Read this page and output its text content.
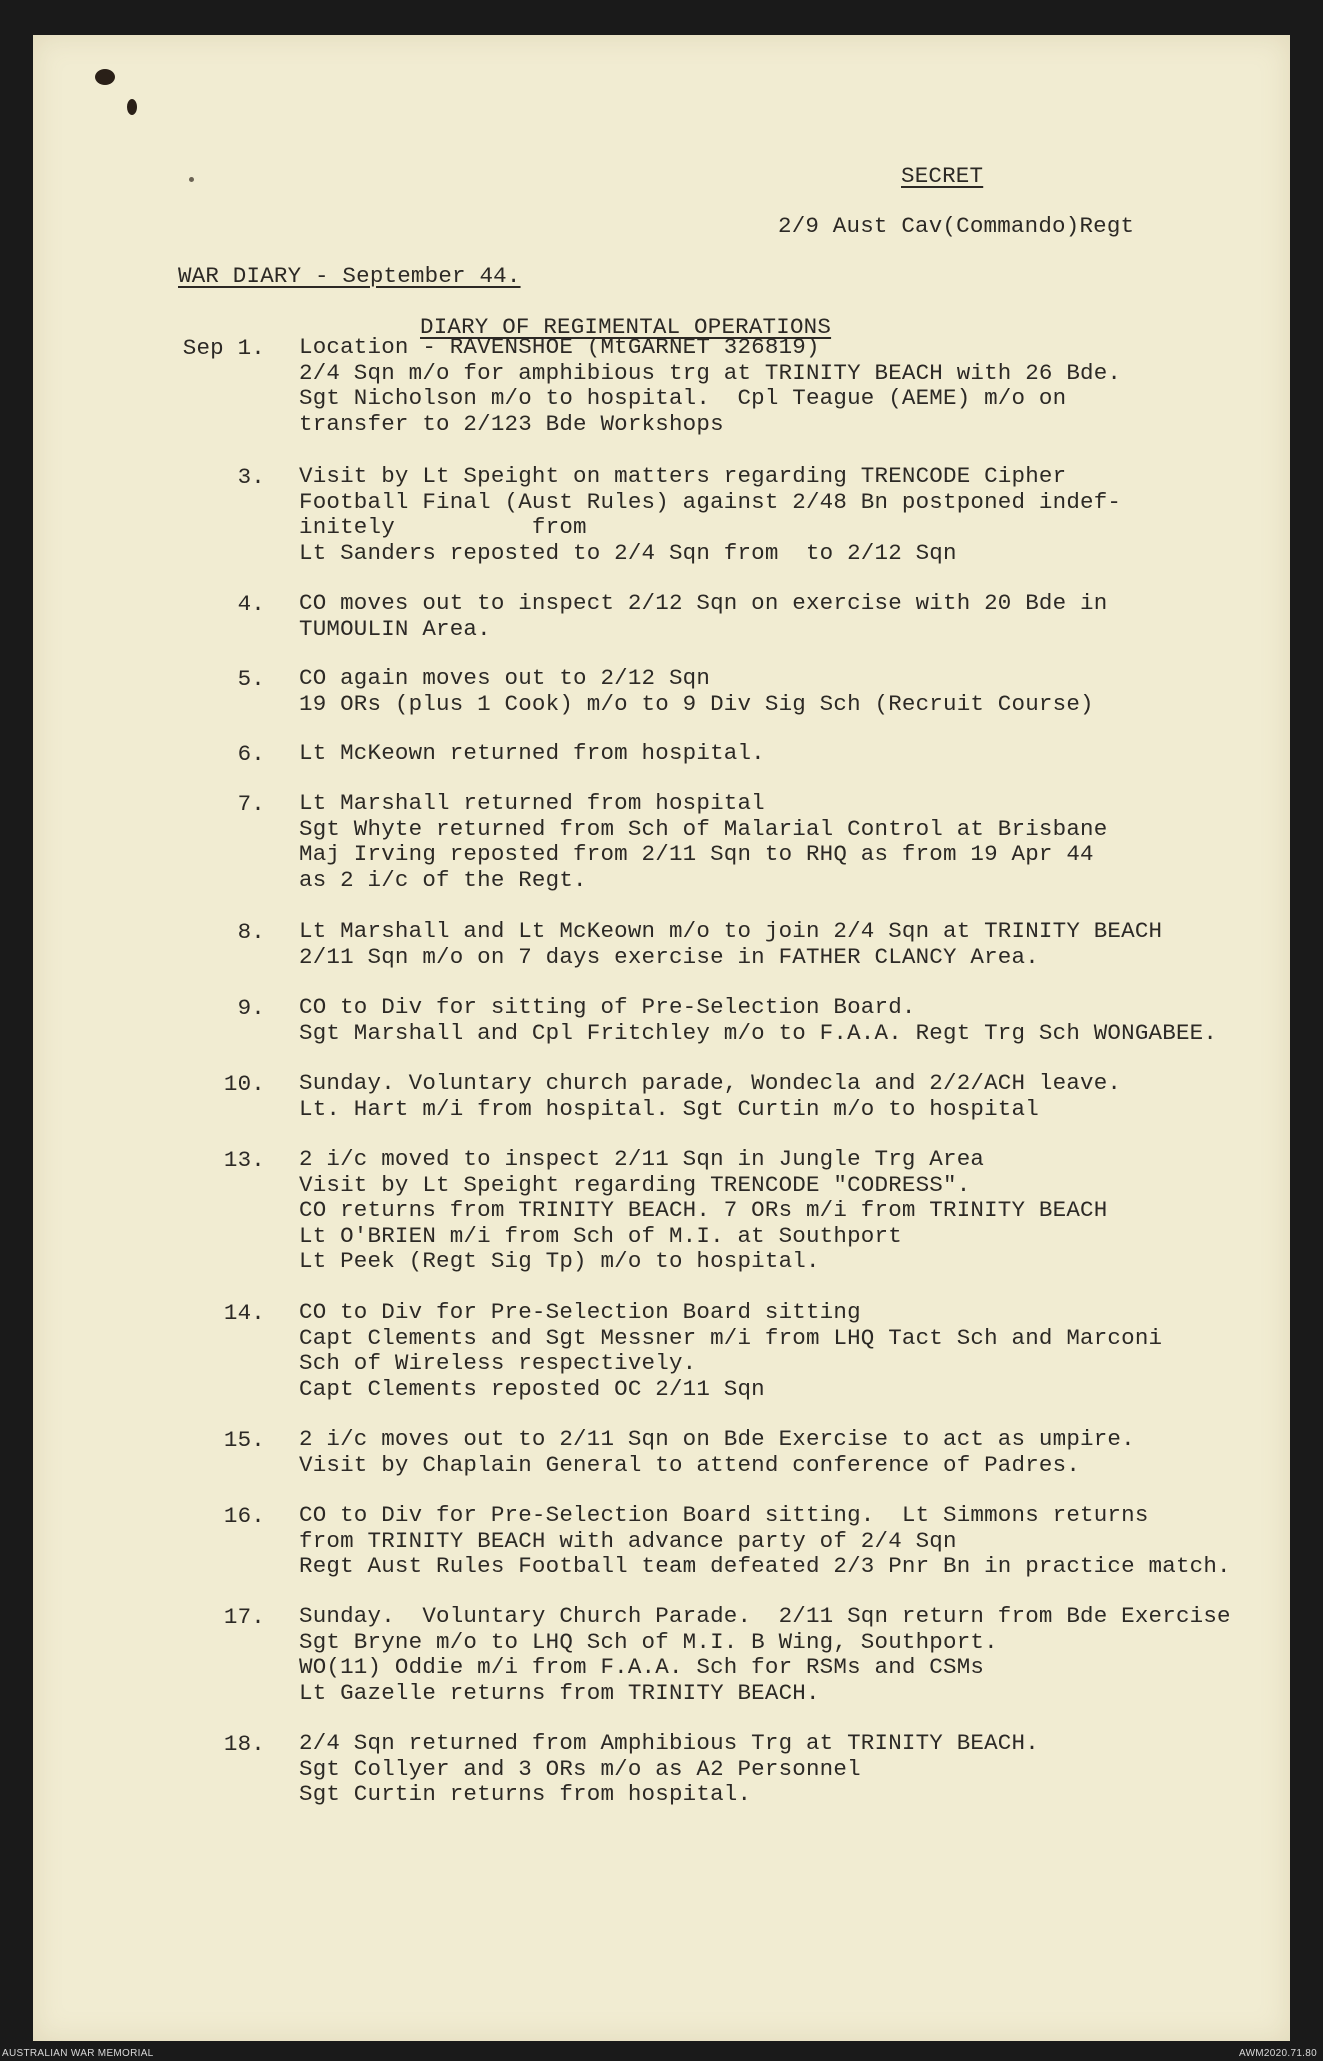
SECRET
2/9 Aust Cav(Commando)Regt
WAR DIARY - September 44.
DIARY OF REGIMENTAL OPERATIONS
Sep 1. Location - RAVENSHOE (MtGARNET 326819)
2/4 Sqn m/o for amphibious trg at TRINITY BEACH with 26 Bde.
Sgt Nicholson m/o to hospital.  Cpl Teague (AEME) m/o on
transfer to 2/123 Bde Workshops
3. Visit by Lt Speight on matters regarding TRENCODE Cipher
Football Final (Aust Rules) against 2/48 Bn postponed indef-
initely          from
Lt Sanders reposted to 2/4 Sqn from  to 2/12 Sqn
4. CO moves out to inspect 2/12 Sqn on exercise with 20 Bde in
TUMOULIN Area.
5. CO again moves out to 2/12 Sqn
19 ORs (plus 1 Cook) m/o to 9 Div Sig Sch (Recruit Course)
6. Lt McKeown returned from hospital.
7. Lt Marshall returned from hospital
Sgt Whyte returned from Sch of Malarial Control at Brisbane
Maj Irving reposted from 2/11 Sqn to RHQ as from 19 Apr 44
as 2 i/c of the Regt.
8. Lt Marshall and Lt McKeown m/o to join 2/4 Sqn at TRINITY BEACH
2/11 Sqn m/o on 7 days exercise in FATHER CLANCY Area.
9. CO to Div for sitting of Pre-Selection Board.
Sgt Marshall and Cpl Fritchley m/o to F.A.A. Regt Trg Sch WONGABEE.
10. Sunday. Voluntary church parade, Wondecla and 2/2/ACH leave.
Lt. Hart m/i from hospital. Sgt Curtin m/o to hospital
13. 2 i/c moved to inspect 2/11 Sqn in Jungle Trg Area
Visit by Lt Speight regarding TRENCODE "CODRESS".
CO returns from TRINITY BEACH. 7 ORs m/i from TRINITY BEACH
Lt O'BRIEN m/i from Sch of M.I. at Southport
Lt Peek (Regt Sig Tp) m/o to hospital.
14. CO to Div for Pre-Selection Board sitting
Capt Clements and Sgt Messner m/i from LHQ Tact Sch and Marconi
Sch of Wireless respectively.
Capt Clements reposted OC 2/11 Sqn
15. 2 i/c moves out to 2/11 Sqn on Bde Exercise to act as umpire.
Visit by Chaplain General to attend conference of Padres.
16. CO to Div for Pre-Selection Board sitting.  Lt Simmons returns
from TRINITY BEACH with advance party of 2/4 Sqn
Regt Aust Rules Football team defeated 2/3 Pnr Bn in practice match.
17. Sunday.  Voluntary Church Parade.  2/11 Sqn return from Bde Exercise
Sgt Bryne m/o to LHQ Sch of M.I. B Wing, Southport.
WO(11) Oddie m/i from F.A.A. Sch for RSMs and CSMs
Lt Gazelle returns from TRINITY BEACH.
18. 2/4 Sqn returned from Amphibious Trg at TRINITY BEACH.
Sgt Collyer and 3 ORs m/o as A2 Personnel
Sgt Curtin returns from hospital.
AUSTRALIAN WAR MEMORIAL	AWM2020.71.80
